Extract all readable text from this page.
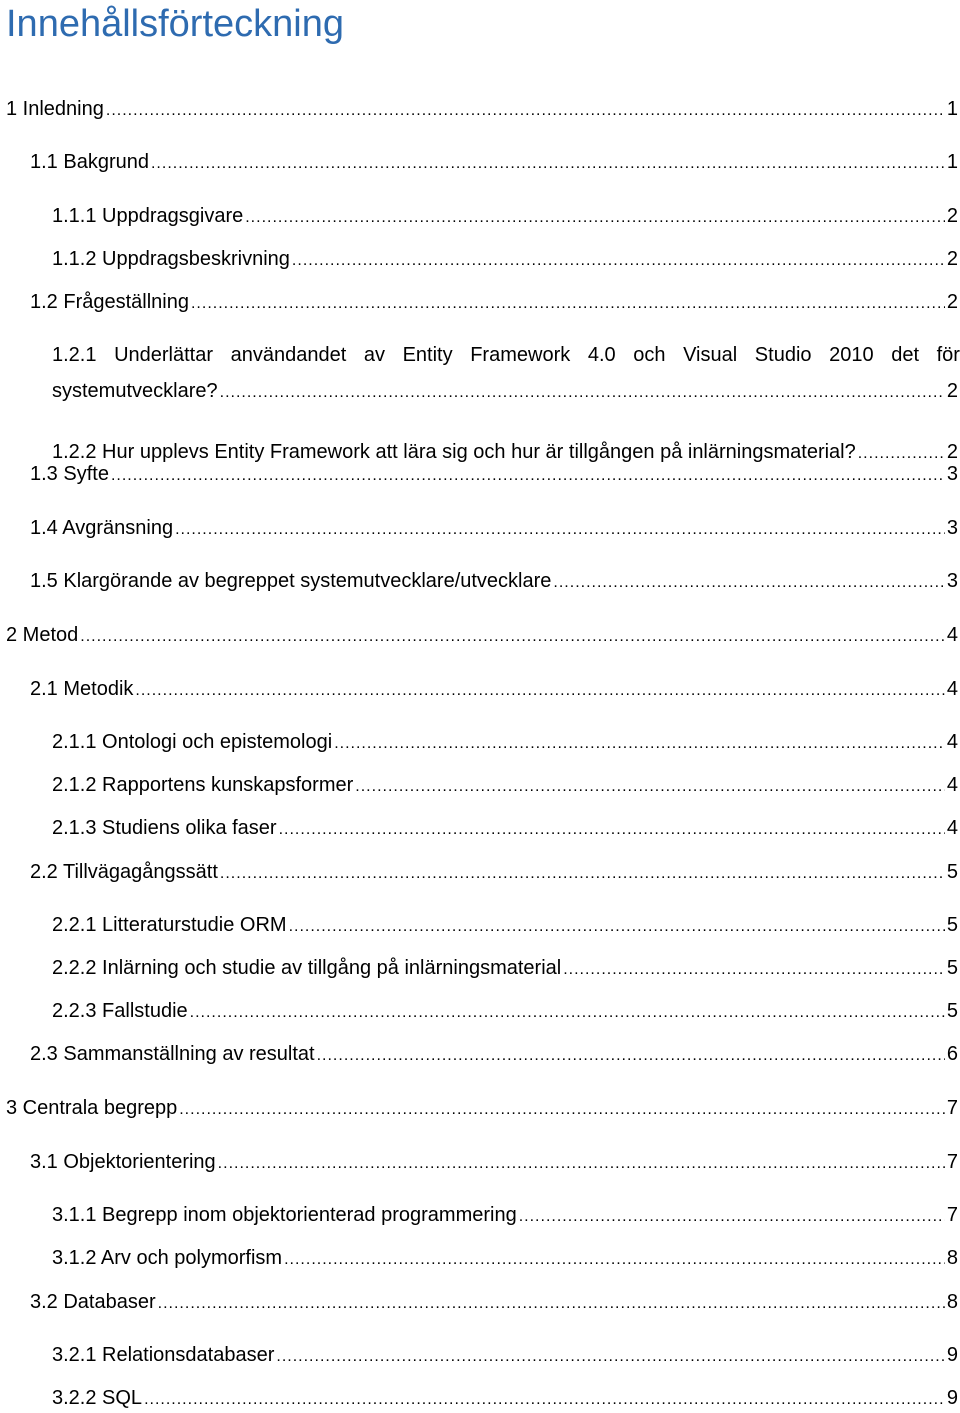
Innehållsförteckning
1 Inledning .....	1
1.1 Bakgrund .....	1
1.1.1 Uppdragsgivare .....	2
1.1.2 Uppdragsbeskrivning .....	2
1.2 Frågeställning .....	2
1.2.1 Underlättar användandet av Entity Framework 4.0 och Visual Studio 2010 det för
systemutvecklare? .....	2
1.2.2 Hur upplevs Entity Framework att lära sig och hur är tillgången på inlärningsmaterial? .....	2
1.3 Syfte .....	3
1.4 Avgränsning .....	3
1.5 Klargörande av begreppet systemutvecklare/utvecklare .....	3
2 Metod .....	4
2.1 Metodik .....	4
2.1.1 Ontologi och epistemologi .....	4
2.1.2 Rapportens kunskapsformer .....	4
2.1.3 Studiens olika faser .....	4
2.2 Tillvägagångssätt .....	5
2.2.1 Litteraturstudie ORM .....	5
2.2.2 Inlärning och studie av tillgång på inlärningsmaterial .....	5
2.2.3 Fallstudie .....	5
2.3 Sammanställning av resultat .....	6
3 Centrala begrepp .....	7
3.1 Objektorientering .....	7
3.1.1 Begrepp inom objektorienterad programmering .....	7
3.1.2 Arv och polymorfism .....	8
3.2 Databaser .....	8
3.2.1 Relationsdatabaser .....	9
3.2.2 SQL .....	9
